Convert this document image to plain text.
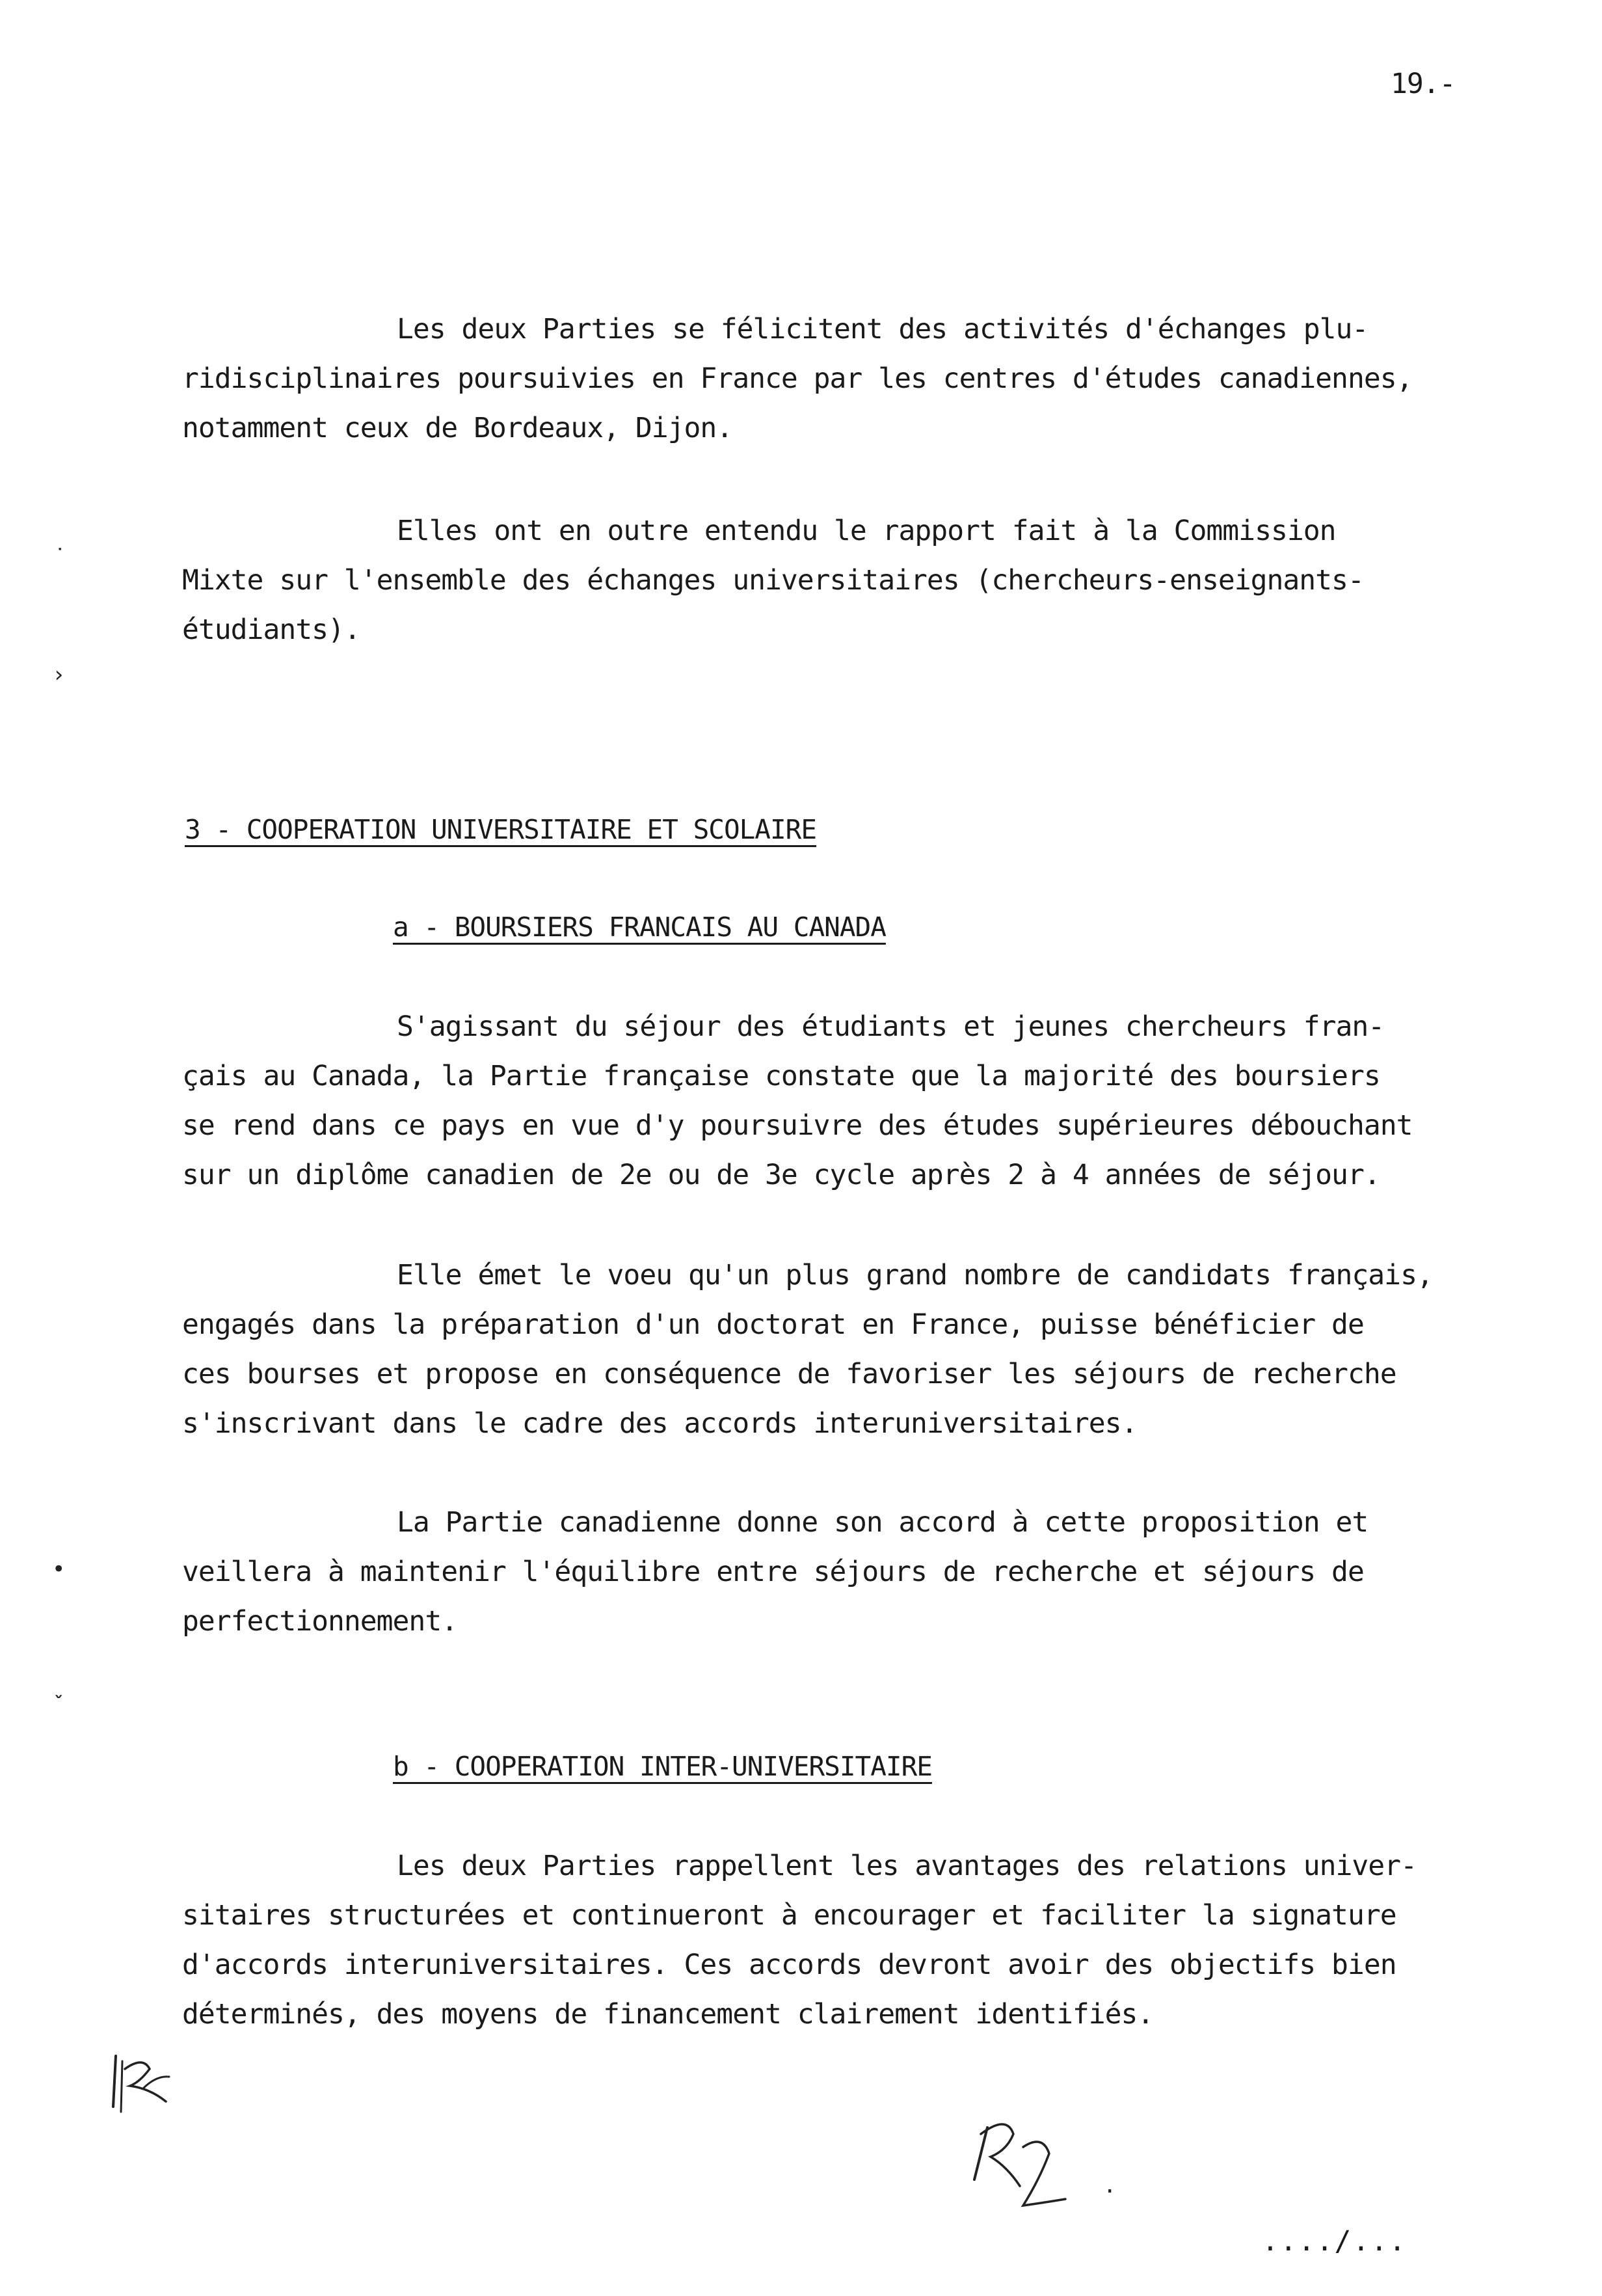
19.-
Les deux Parties se félicitent des activités d'échanges plu-
ridisciplinaires poursuivies en France par les centres d'études canadiennes,
notamment ceux de Bordeaux, Dijon.
Elles ont en outre entendu le rapport fait à la Commission
Mixte sur l'ensemble des échanges universitaires (chercheurs-enseignants-
étudiants).
3 - COOPERATION UNIVERSITAIRE ET SCOLAIRE
a - BOURSIERS FRANCAIS AU CANADA
S'agissant du séjour des étudiants et jeunes chercheurs fran-
çais au Canada, la Partie française constate que la majorité des boursiers
se rend dans ce pays en vue d'y poursuivre des études supérieures débouchant
sur un diplôme canadien de 2e ou de 3e cycle après 2 à 4 années de séjour.
Elle émet le voeu qu'un plus grand nombre de candidats français,
engagés dans la préparation d'un doctorat en France, puisse bénéficier de
ces bourses et propose en conséquence de favoriser les séjours de recherche
s'inscrivant dans le cadre des accords interuniversitaires.
La Partie canadienne donne son accord à cette proposition et
veillera à maintenir l'équilibre entre séjours de recherche et séjours de
perfectionnement.
b - COOPERATION INTER-UNIVERSITAIRE
Les deux Parties rappellent les avantages des relations univer-
sitaires structurées et continueront à encourager et faciliter la signature
d'accords interuniversitaires. Ces accords devront avoir des objectifs bien
déterminés, des moyens de financement clairement identifiés.
˙
›
•
ˬ
.
..../...
